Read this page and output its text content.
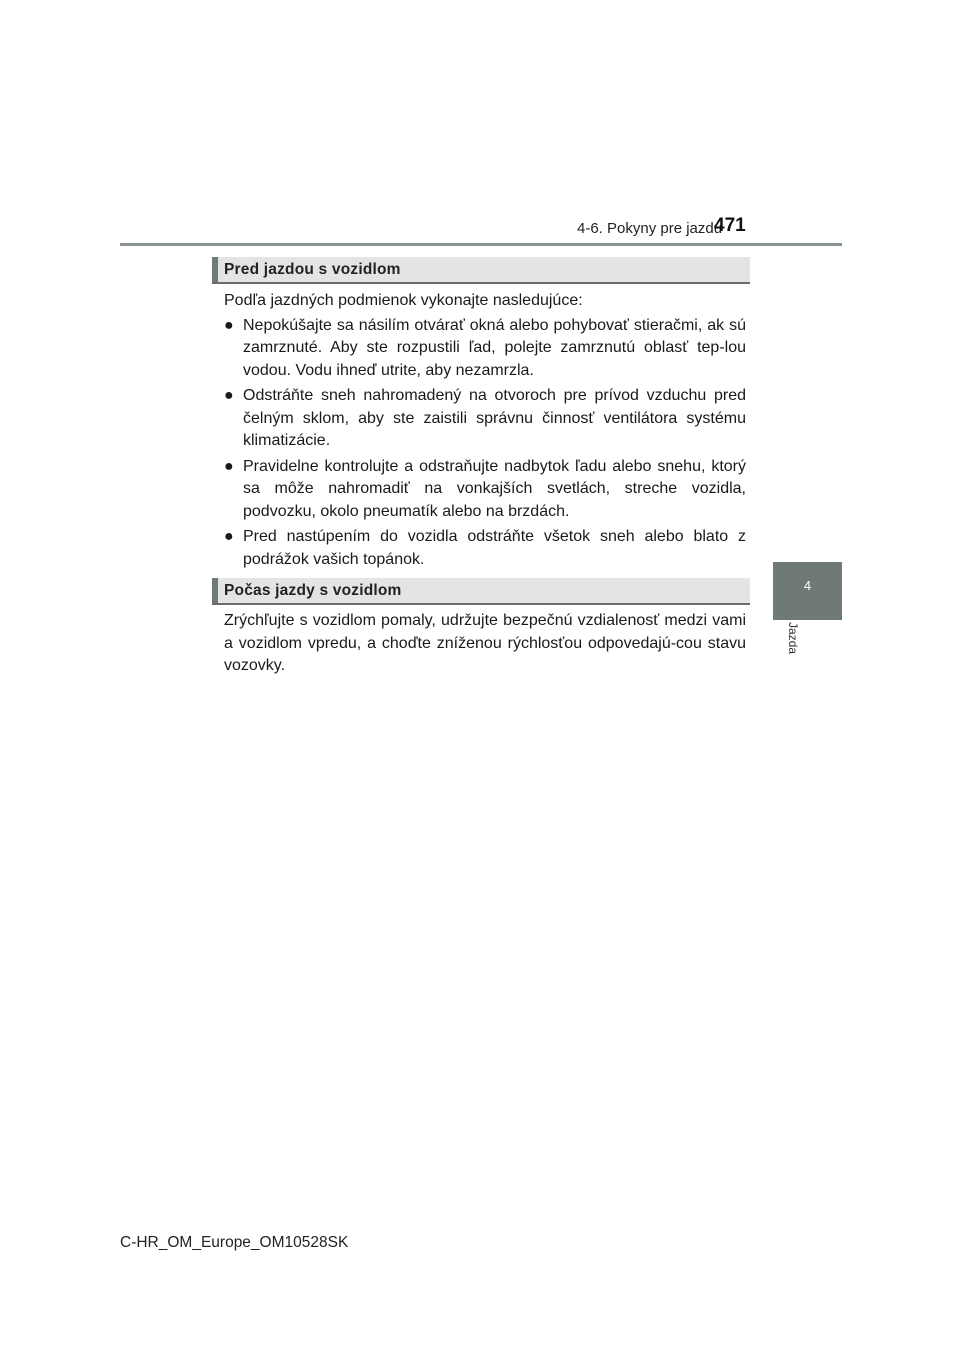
4-6. Pokyny pre jazdu
471
4
Jazda
Pred jazdou s vozidlom

Podľa jazdných podmienok vykonajte nasledujúce:

● Nepokúšajte sa násilím otvárať okná alebo pohybovať stieračmi, ak sú zamrznuté. Aby ste rozpustili ľad, polejte zamrznutú oblasť tep-lou vodou. Vodu ihneď utrite, aby nezamrzla.
● Odstráňte sneh nahromadený na otvoroch pre prívod vzduchu pred čelným sklom, aby ste zaistili správnu činnosť ventilátora systému klimatizácie.
● Pravidelne kontrolujte a odstraňujte nadbytok ľadu alebo snehu, ktorý sa môže nahromadiť na vonkajších svetlách, streche vozidla, podvozku, okolo pneumatík alebo na brzdách.
● Pred nastúpením do vozidla odstráňte všetok sneh alebo blato z podrážok vašich topánok.
Počas jazdy s vozidlom

Zrýchľujte s vozidlom pomaly, udržujte bezpečnú vzdialenosť medzi vami a vozidlom vpredu, a choďte zníženou rýchlosťou odpovedajú-cou stavu vozovky.

C-HR_OM_Europe_OM10528SK
